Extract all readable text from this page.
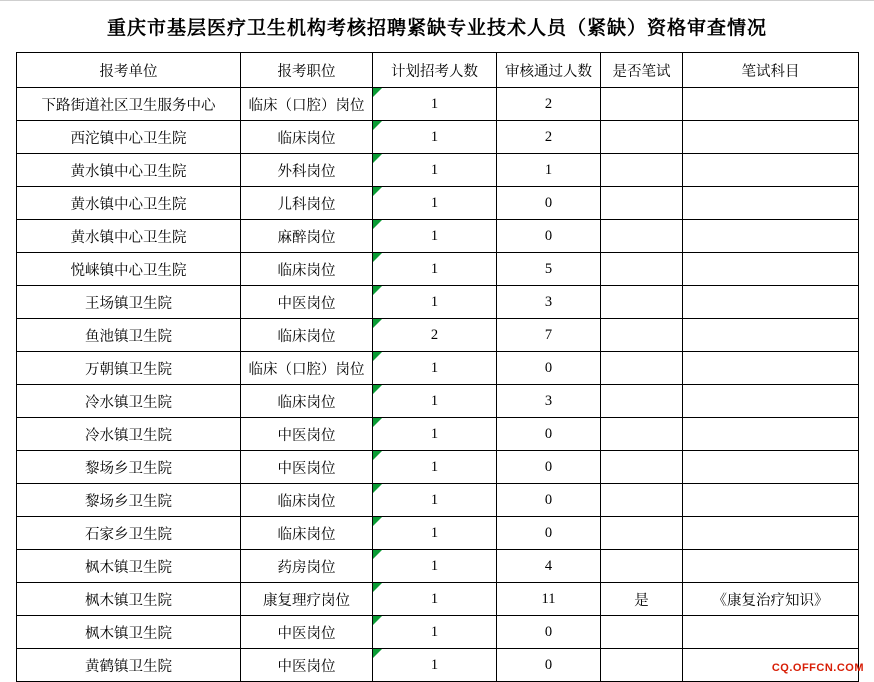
重庆市基层医疗卫生机构考核招聘紧缺专业技术人员（紧缺）资格审查情况
报考单位	报考职位	计划招考人数	审核通过人数	是否笔试	笔试科目
下路街道社区卫生服务中心	临床（口腔）岗位	1	2		
西沱镇中心卫生院	临床岗位	1	2		
黄水镇中心卫生院	外科岗位	1	1		
黄水镇中心卫生院	儿科岗位	1	0		
黄水镇中心卫生院	麻醉岗位	1	0		
悦崃镇中心卫生院	临床岗位	1	5		
王场镇卫生院	中医岗位	1	3		
鱼池镇卫生院	临床岗位	2	7		
万朝镇卫生院	临床（口腔）岗位	1	0		
冷水镇卫生院	临床岗位	1	3		
冷水镇卫生院	中医岗位	1	0		
黎场乡卫生院	中医岗位	1	0		
黎场乡卫生院	临床岗位	1	0		
石家乡卫生院	临床岗位	1	0		
枫木镇卫生院	药房岗位	1	4		
枫木镇卫生院	康复理疗岗位	1	11	是	《康复治疗知识》
枫木镇卫生院	中医岗位	1	0		
黄鹤镇卫生院	中医岗位	1	0			CQ.OFFCN.COM
